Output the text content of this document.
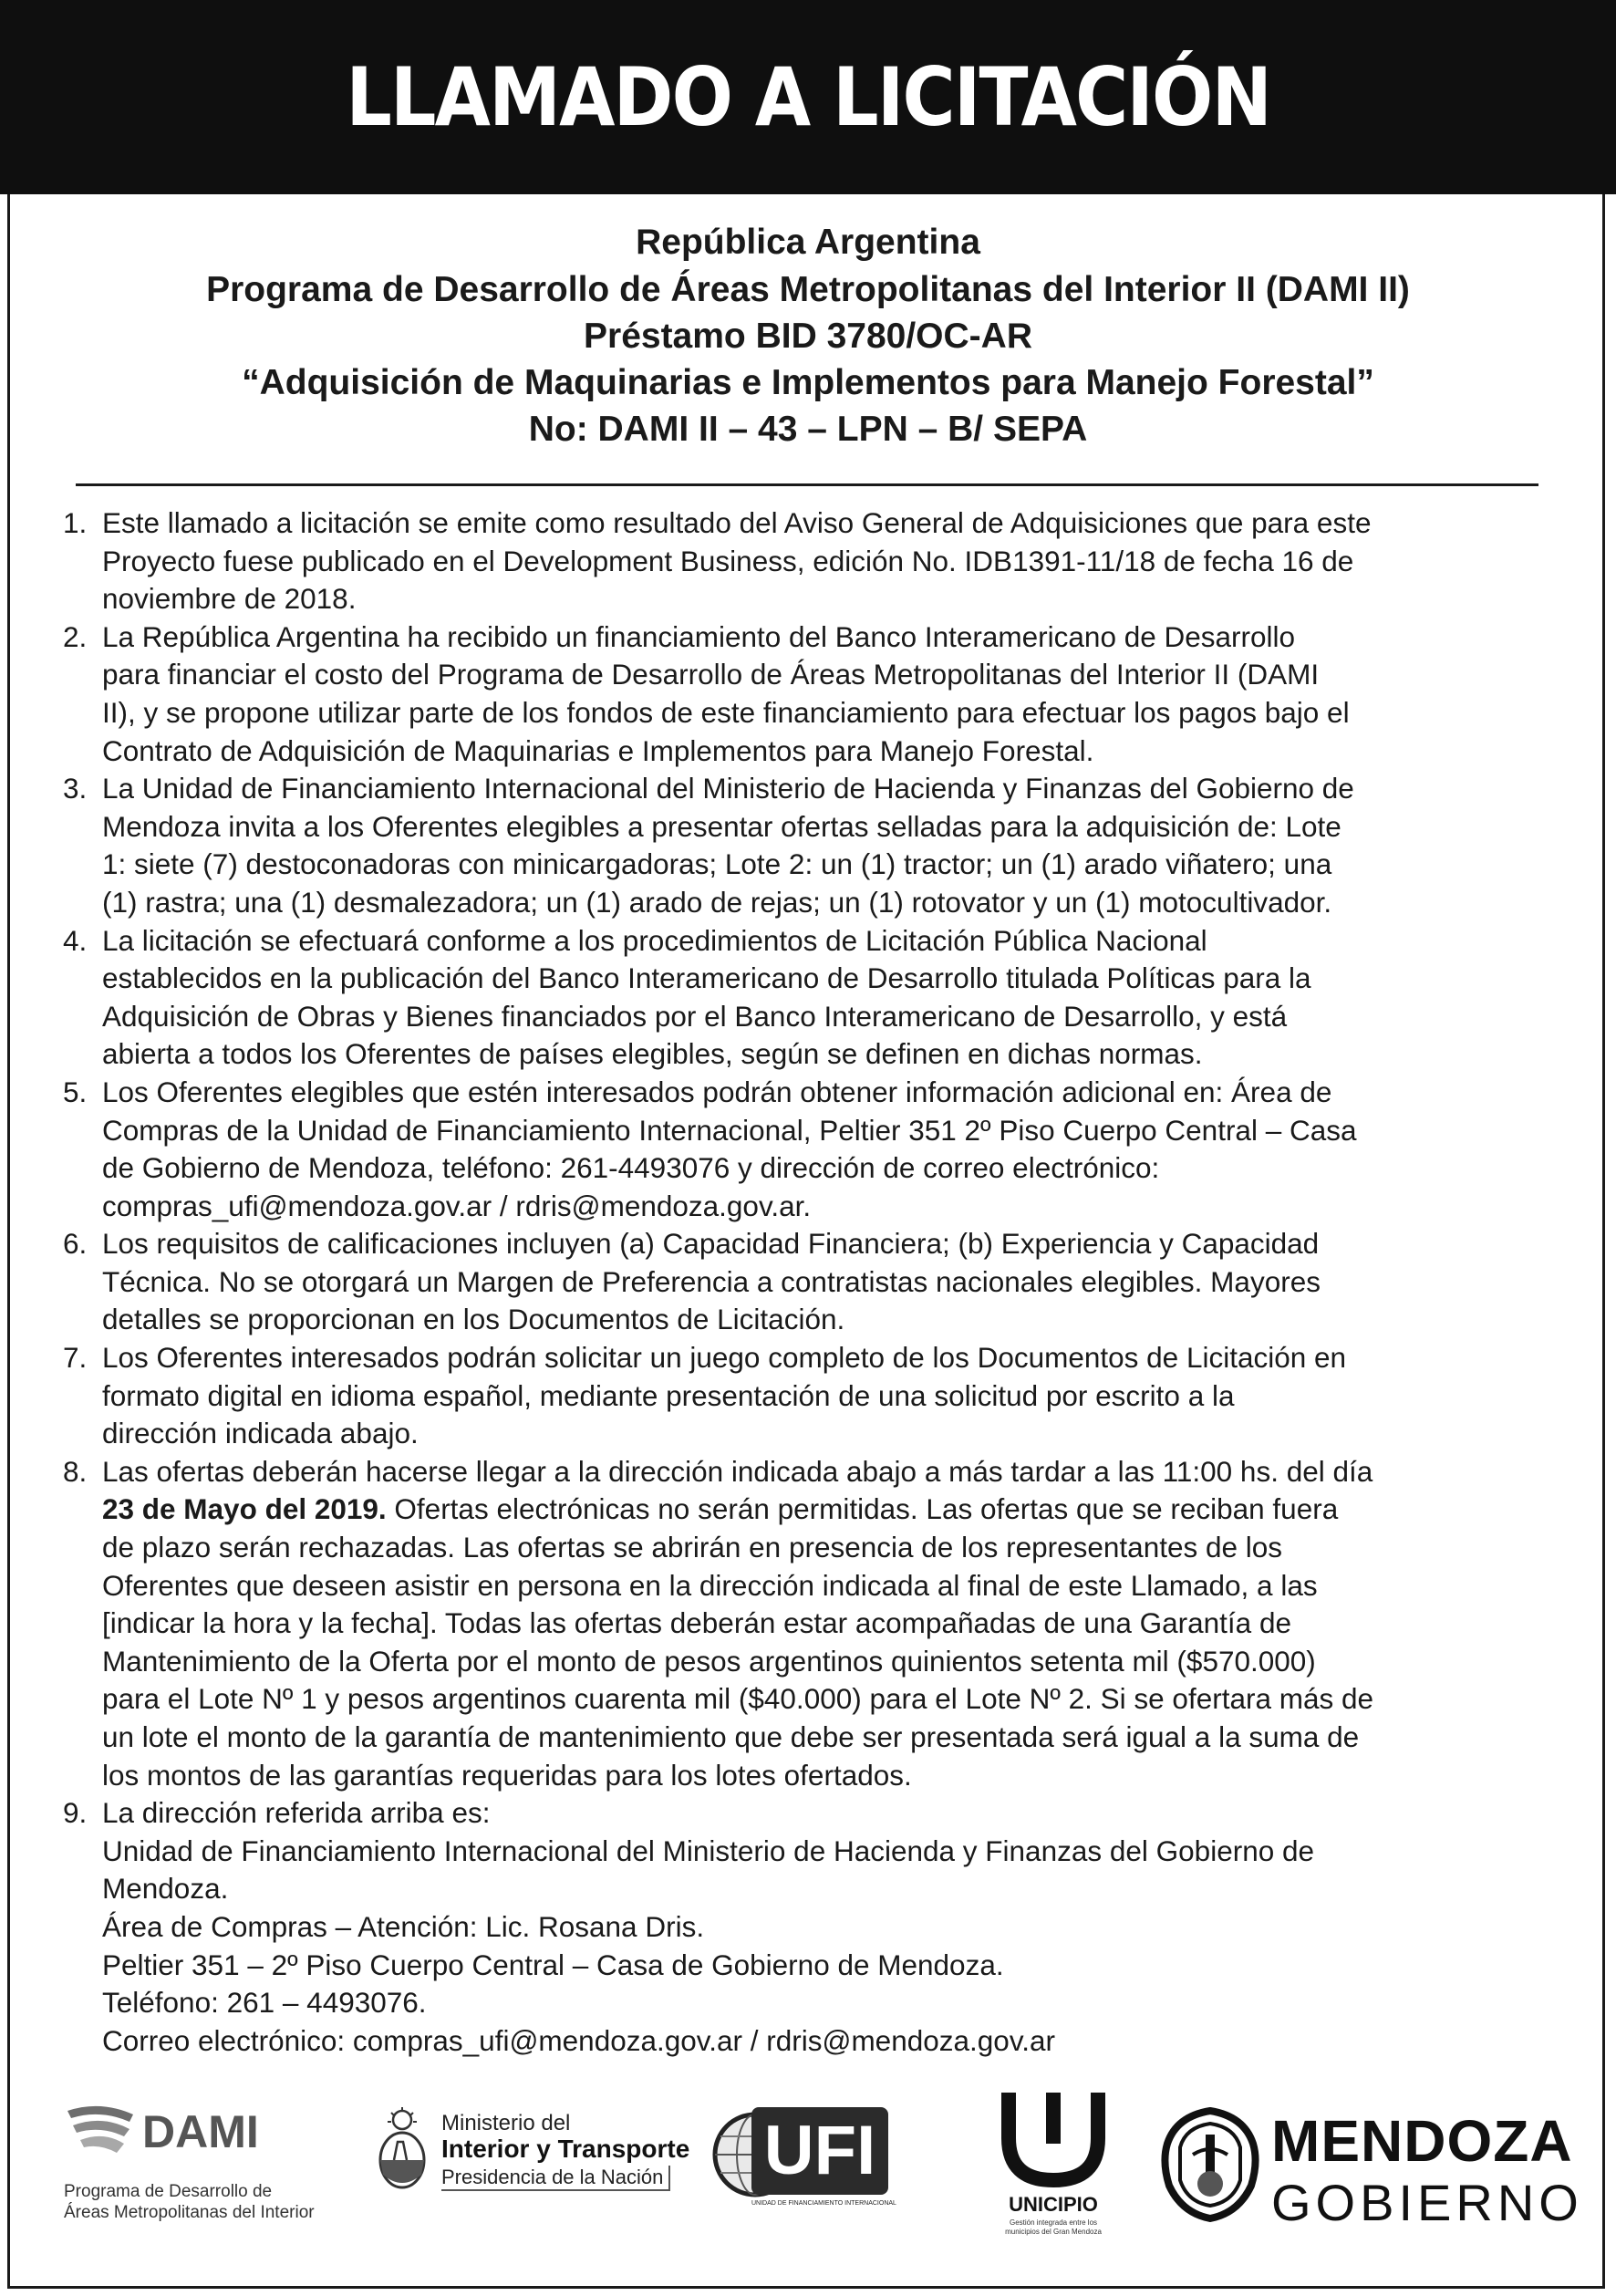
LLAMADO A LICITACIÓN
República Argentina
Programa de Desarrollo de Áreas Metropolitanas del Interior II (DAMI II)
Préstamo BID 3780/OC-AR
“Adquisición de Maquinarias e Implementos para Manejo Forestal”
No: DAMI II – 43 – LPN – B/ SEPA
1. Este llamado a licitación se emite como resultado del Aviso General de Adquisiciones que para este
Proyecto fuese publicado en el Development Business, edición No. IDB1391-11/18 de fecha 16 de
noviembre de 2018.
2. La República Argentina ha recibido un financiamiento del Banco Interamericano de Desarrollo
para financiar el costo del Programa de Desarrollo de Áreas Metropolitanas del Interior II (DAMI
II), y se propone utilizar parte de los fondos de este financiamiento para efectuar los pagos bajo el
Contrato de Adquisición de Maquinarias e Implementos para Manejo Forestal.
3. La Unidad de Financiamiento Internacional del Ministerio de Hacienda y Finanzas del Gobierno de
Mendoza invita a los Oferentes elegibles a presentar ofertas selladas para la adquisición de: Lote
1: siete (7) destoconadoras con minicargadoras; Lote 2: un (1) tractor; un (1) arado viñatero; una
(1) rastra; una (1) desmalezadora; un (1) arado de rejas; un (1) rotovator y un (1) motocultivador.
4. La licitación se efectuará conforme a los procedimientos de Licitación Pública Nacional
establecidos en la publicación del Banco Interamericano de Desarrollo titulada Políticas para la
Adquisición de Obras y Bienes financiados por el Banco Interamericano de Desarrollo, y está
abierta a todos los Oferentes de países elegibles, según se definen en dichas normas.
5. Los Oferentes elegibles que estén interesados podrán obtener información adicional en: Área de
Compras de la Unidad de Financiamiento Internacional, Peltier 351 2º Piso Cuerpo Central – Casa
de Gobierno de Mendoza, teléfono: 261-4493076 y dirección de correo electrónico:
compras_ufi@mendoza.gov.ar / rdris@mendoza.gov.ar.
6. Los requisitos de calificaciones incluyen (a) Capacidad Financiera; (b) Experiencia y Capacidad
Técnica. No se otorgará un Margen de Preferencia a contratistas nacionales elegibles. Mayores
detalles se proporcionan en los Documentos de Licitación.
7. Los Oferentes interesados podrán solicitar un juego completo de los Documentos de Licitación en
formato digital en idioma español, mediante presentación de una solicitud por escrito a la
dirección indicada abajo.
8. Las ofertas deberán hacerse llegar a la dirección indicada abajo a más tardar a las 11:00 hs. del día
23 de Mayo del 2019. Ofertas electrónicas no serán permitidas. Las ofertas que se reciban fuera
de plazo serán rechazadas. Las ofertas se abrirán en presencia de los representantes de los
Oferentes que deseen asistir en persona en la dirección indicada al final de este Llamado, a las
[indicar la hora y la fecha]. Todas las ofertas deberán estar acompañadas de una Garantía de
Mantenimiento de la Oferta por el monto de pesos argentinos quinientos setenta mil ($570.000)
para el Lote Nº 1 y pesos argentinos cuarenta mil ($40.000) para el Lote Nº 2. Si se ofertara más de
un lote el monto de la garantía de mantenimiento que debe ser presentada será igual a la suma de
los montos de las garantías requeridas para los lotes ofertados.
9. La dirección referida arriba es:
Unidad de Financiamiento Internacional del Ministerio de Hacienda y Finanzas del Gobierno de
Mendoza.
Área de Compras – Atención: Lic. Rosana Dris.
Peltier 351 – 2º Piso Cuerpo Central – Casa de Gobierno de Mendoza.
Teléfono: 261 – 4493076.
Correo electrónico: compras_ufi@mendoza.gov.ar / rdris@mendoza.gov.ar
DAMI
Programa de Desarrollo de
Áreas Metropolitanas del Interior
Ministerio del
Interior y Transporte
Presidencia de la Nación UFI
UNIDAD DE FINANCIAMIENTO INTERNACIONAL	UNICIPIO
Gestión integrada entre los
municipios del Gran Mendoza
MENDOZA
GOBIERNO
